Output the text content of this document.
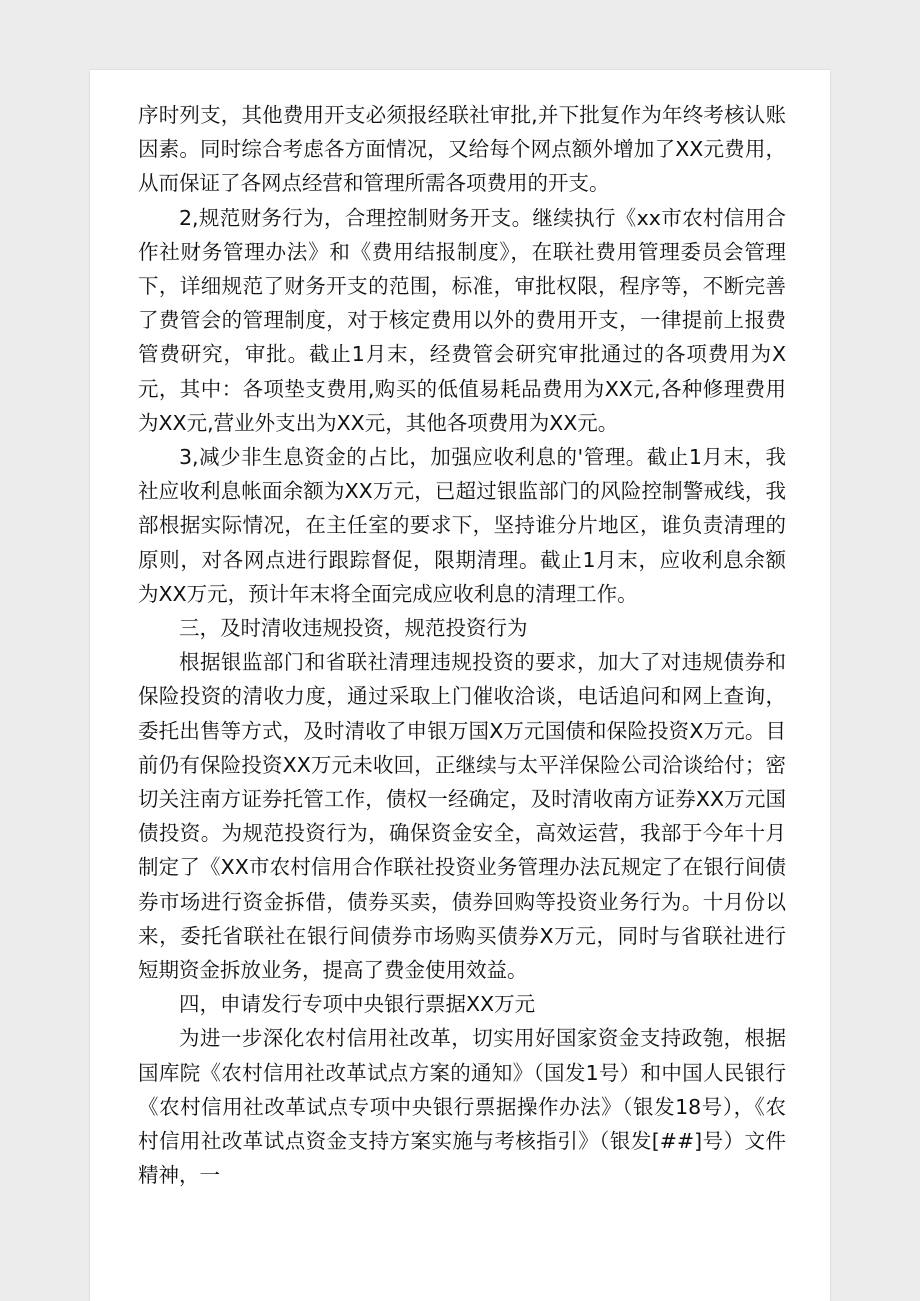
序时列支，其他费用开支必须报经联社审批,并下批复作为年终考核认账因素。同时综合考虑各方面情况，又给每个网点额外增加了XX元费用，从而保证了各网点经营和管理所需各项费用的开支。

2,规范财务行为，合理控制财务开支。继续执行《xx市农村信用合作社财务管理办法》和《费用结报制度》，在联社费用管理委员会管理下，详细规范了财务开支的范围，标准，审批权限，程序等，不断完善了费管会的管理制度，对于核定费用以外的费用开支，一律提前上报费管费研究，审批。截止1月末，经费管会研究审批通过的各项费用为X元，其中：各项垫支费用,购买的低值易耗品费用为XX元,各种修理费用为XX元,营业外支出为XX元，其他各项费用为XX元。

3,减少非生息资金的占比，加强应收利息的'管理。截止1月末，我社应收利息帐面余额为XX万元，已超过银监部门的风险控制警戒线，我部根据实际情况，在主任室的要求下，坚持谁分片地区，谁负责清理的原则，对各网点进行跟踪督促，限期清理。截止1月末，应收利息余额为XX万元，预计年末将全面完成应收利息的清理工作。

三，及时清收违规投资，规范投资行为

根据银监部门和省联社清理违规投资的要求，加大了对违规债券和保险投资的清收力度，通过采取上门催收洽谈，电话追问和网上查询，委托出售等方式，及时清收了申银万国X万元国债和保险投资X万元。目前仍有保险投资XX万元未收回，正继续与太平洋保险公司洽谈给付；密切关注南方证券托管工作，债权一经确定，及时清收南方证券XX万元国债投资。为规范投资行为，确保资金安全，高效运营，我部于今年十月制定了《XX市农村信用合作联社投资业务管理办法瓦规定了在银行间债券市场进行资金拆借，债券买卖，债券回购等投资业务行为。十月份以来，委托省联社在银行间债券市场购买债券X万元，同时与省联社进行短期资金拆放业务，提高了费金使用效益。

四，申请发行专项中央银行票据XX万元

为进一步深化农村信用社改革，切实用好国家资金支持政匏，根据国库院《农村信用社改革试点方案的通知》（国发1号）和中国人民银行《农村信用社改革试点专项中央银行票据操作办法》（银发18号），《农村信用社改革试点资金支持方案实施与考核指引》（银发[##]号）文件精神，一
